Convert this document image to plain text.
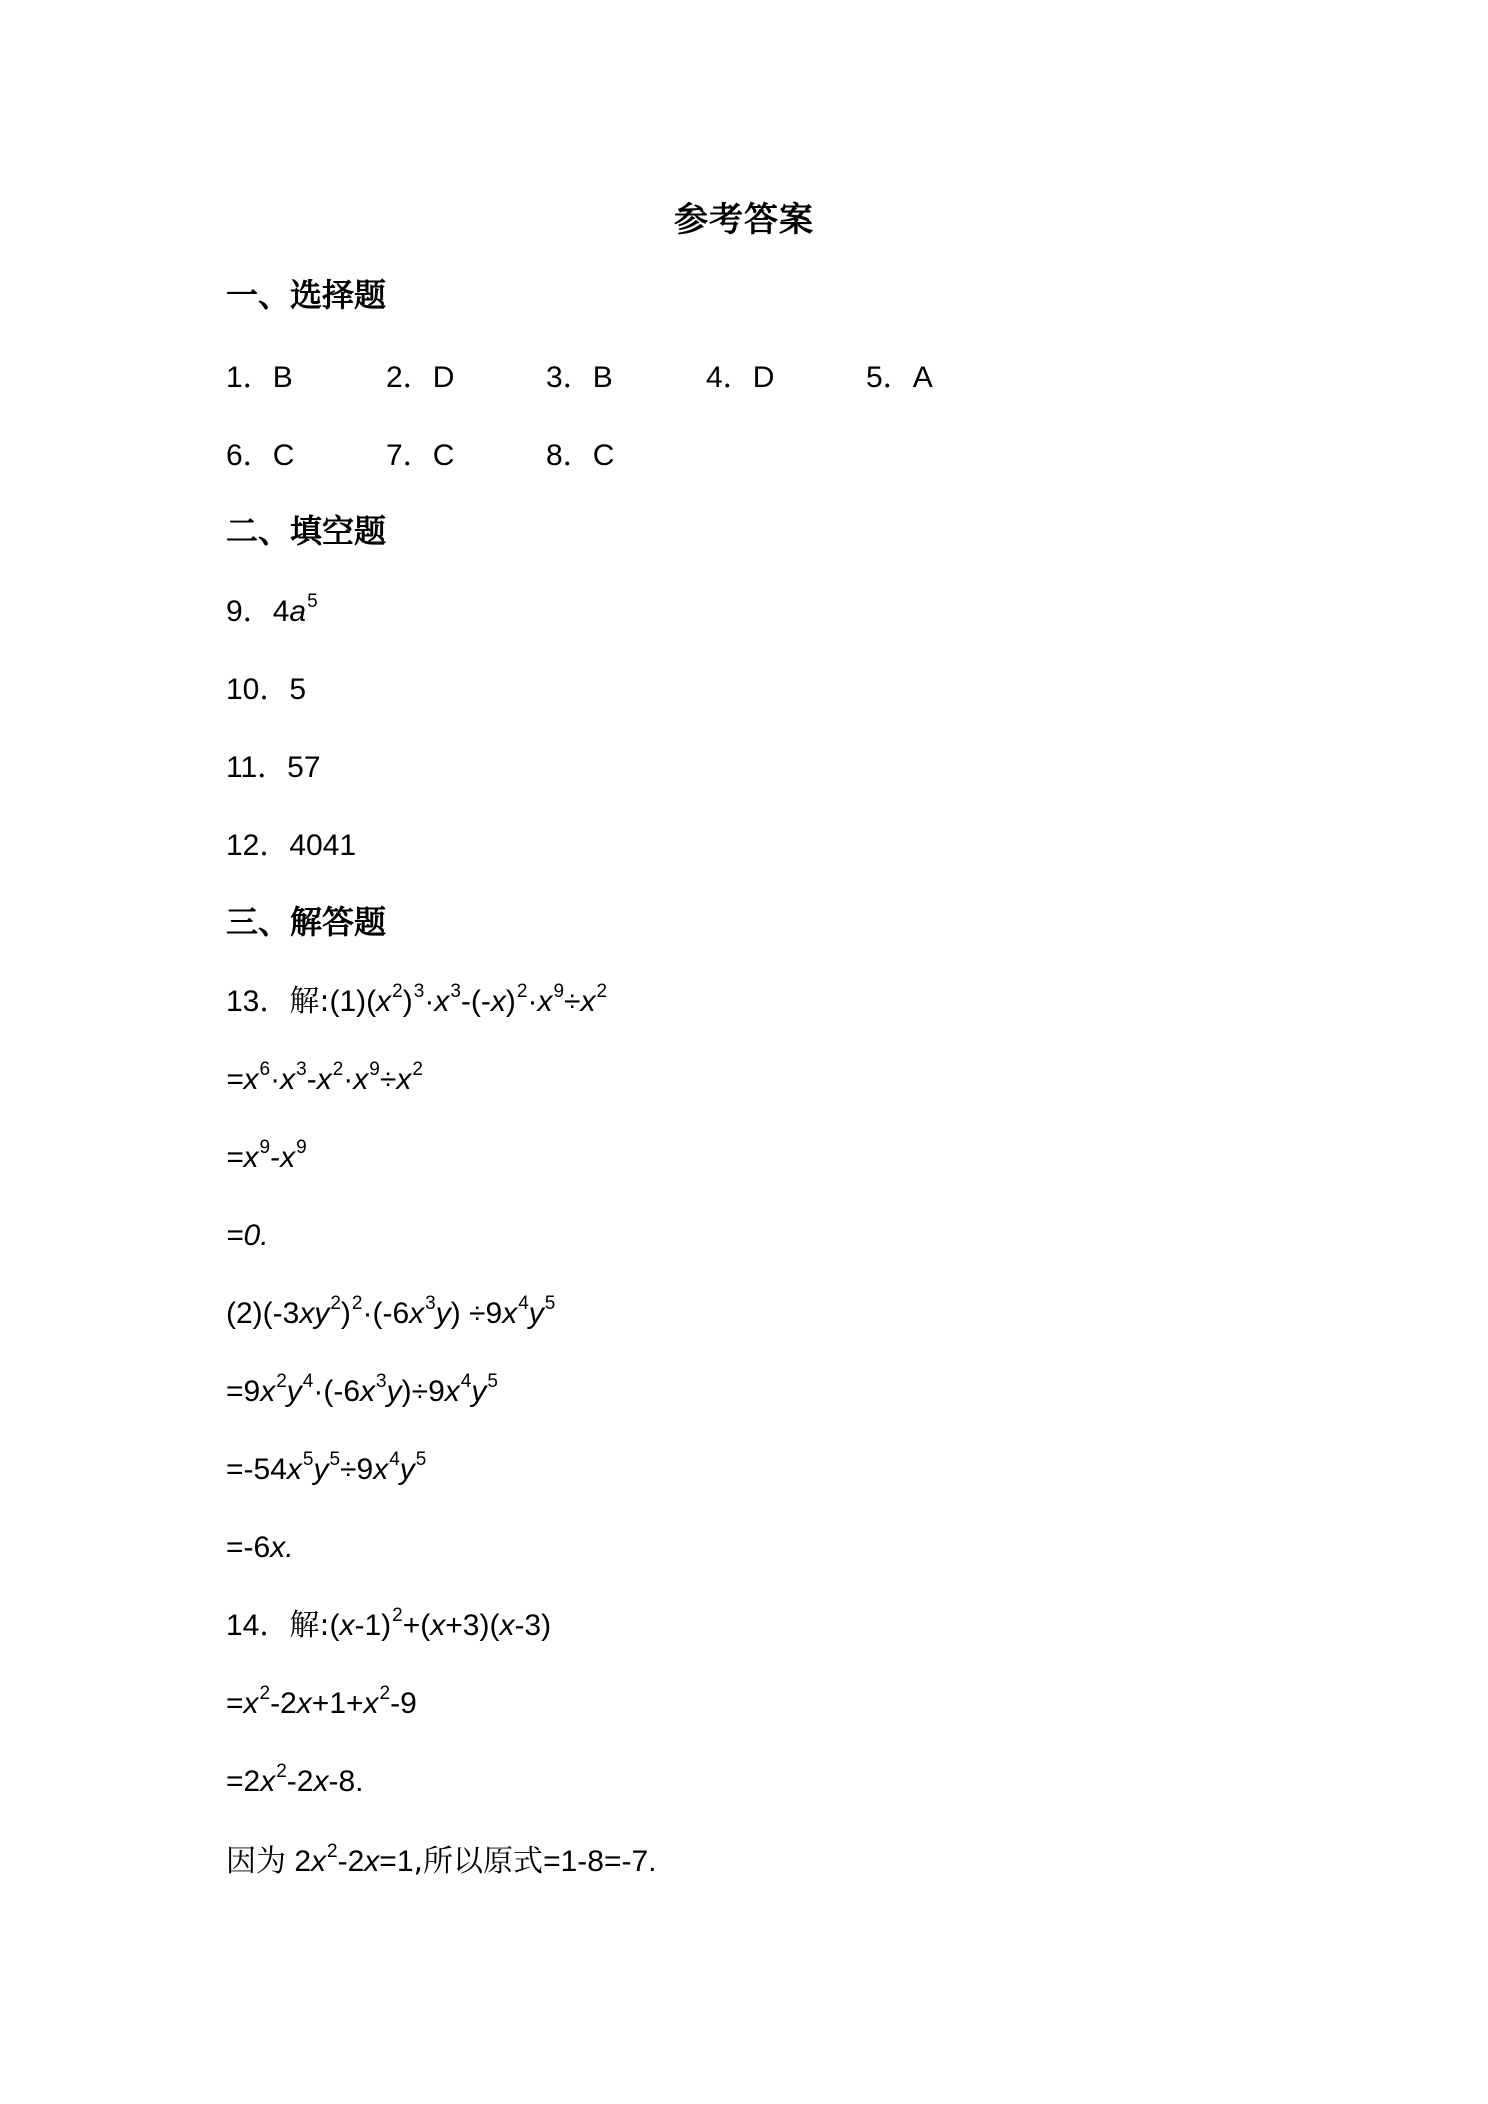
参考答案
一、选择题
1．B	2．D	3．B	4．D	5．A
6．C	7．C	8．C
二、填空题
9．$4a^5$
10．5
11．57
12．4041
三、解答题
13．解$:(1)(x^2)^3\cdot x^3-(-x)^2\cdot x^9\div x^2$
$=x^6\cdot x^3-x^2\cdot x^9\div x^2$
$=x^9-x^9$
=0.
$(2)(-3xy^2)^2\cdot(-6x^3y) \div 9x^4y^5$
$=9x^2y^4\cdot(-6x^3y)\div 9x^4y^5$
$=-54x^5y^5\div 9x^4y^5$
=-6x.
14．解$:(x-1)^2+(x+3)(x-3)$
$=x^2-2x+1+x^2-9$
$=2x^2-2x-8$.
因为 $2x^2-2x=1$,所以原式=1-8=-7.
